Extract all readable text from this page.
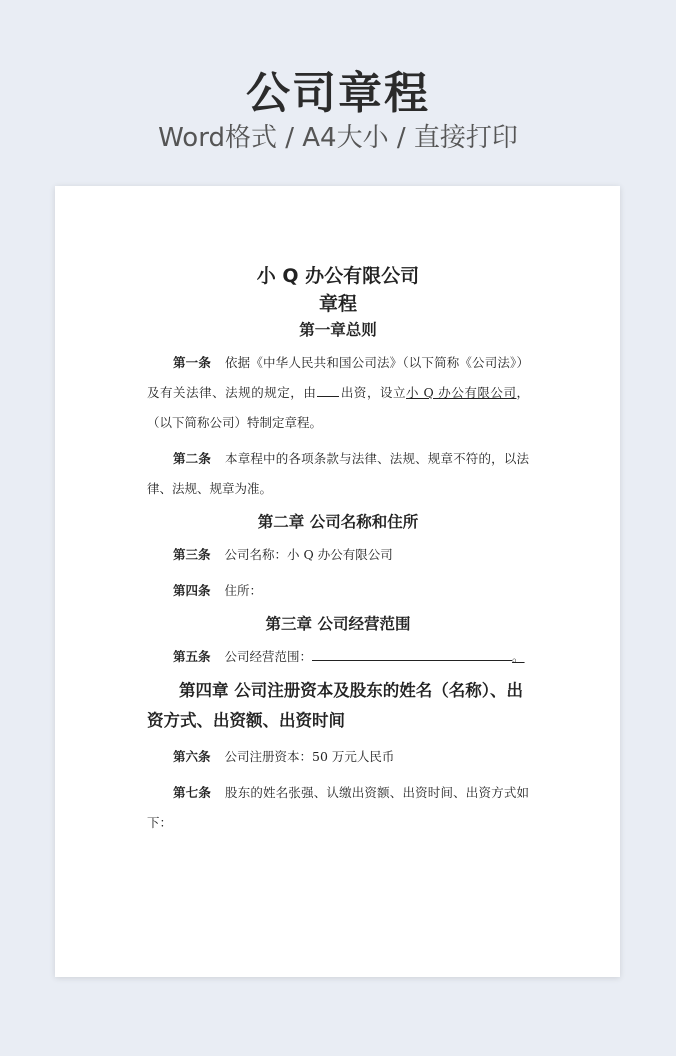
公司章程
Word格式 / A4大小 / 直接打印
小 Q 办公有限公司
章程
第一章总则
第一条 依据《中华人民共和国公司法》（以下简称《公司法》）及有关法律、法规的规定，由 出资，设立小 Q 办公有限公司，（以下简称公司）特制定章程。
第二条 本章程中的各项条款与法律、法规、规章不符的，以法律、法规、规章为准。
第二章 公司名称和住所
第三条 公司名称：小 Q 办公有限公司
第四条 住所：
第三章 公司经营范围
第五条 公司经营范围：	。
第四章 公司注册资本及股东的姓名（名称）、出资方式、出资额、出资时间
第六条 公司注册资本：50 万元人民币
第七条 股东的姓名张强、认缴出资额、出资时间、出资方式如下：
